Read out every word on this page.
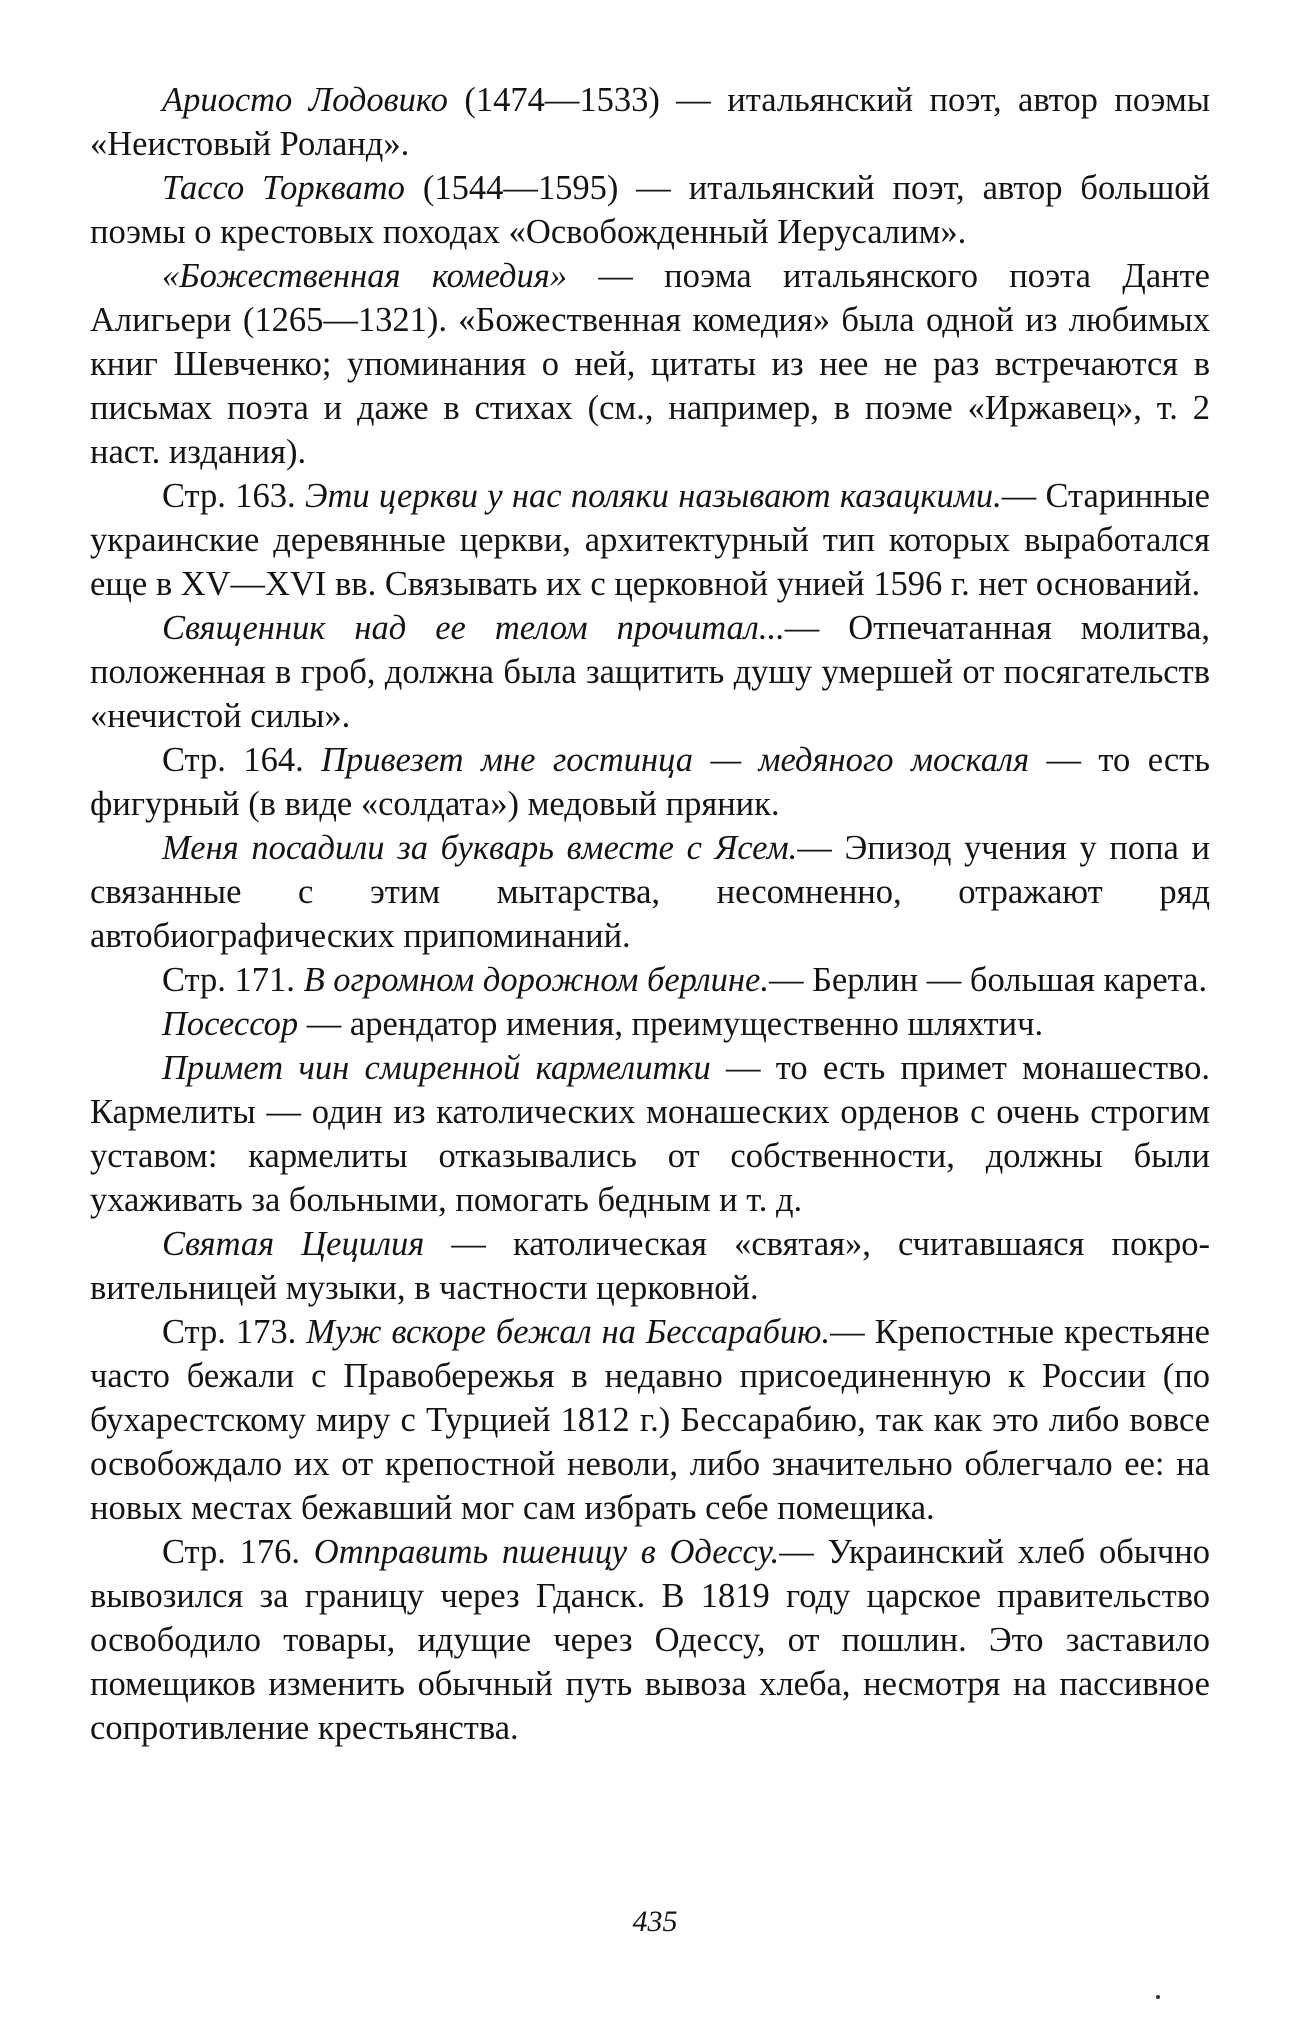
Ариосто Лодовико (1474—1533) — итальянский поэт, автор поэмы «Неистовый Роланд».

Тассо Торквато (1544—1595) — итальянский поэт, автор большой поэмы о крестовых походах «Освобожденный Иерусалим».

«Божественная комедия» — поэма итальянского поэта Данте Алигьери (1265—1321). «Божественная комедия» была одной из любимых книг Шевченко; упоминания о ней, цитаты из нее не раз встречаются в письмах поэта и даже в стихах (см., например, в поэме «Иржавец», т. 2 наст. издания).

Стр. 163. Эти церкви у нас поляки называют казацкими.— Старинные украинские деревянные церкви, архитектурный тип которых выработался еще в XV—XVI вв. Связывать их с церковной унией 1596 г. нет оснований.

Священник над ее телом прочитал...— Отпечатанная молитва, положенная в гроб, должна была защитить душу умершей от посягательств «нечистой силы».

Стр. 164. Привезет мне гостинца — медяного москаля — то есть фигурный (в виде «солдата») медовый пряник.

Меня посадили за букварь вместе с Ясем.— Эпизод учения у попа и связанные с этим мытарства, несомненно, отражают ряд автобиографических припоминаний.

Стр. 171. В огромном дорожном берлине.— Берлин — большая карета.

Посессор — арендатор имения, преимущественно шляхтич.

Примет чин смиренной кармелитки — то есть примет монашество. Кармелиты — один из католических монашеских орденов с очень строгим уставом: кармелиты отказывались от собственности, должны были ухаживать за больными, помогать бедным и т. д.

Святая Цецилия — католическая «святая», считавшаяся покровительницей музыки, в частности церковной.

Стр. 173. Муж вскоре бежал на Бессарабию.— Крепостные крестьяне часто бежали с Правобережья в недавно присоединенную к России (по бухарестскому миру с Турцией 1812 г.) Бессарабию, так как это либо вовсе освобождало их от крепостной неволи, либо значительно облегчало ее: на новых местах бежавший мог сам избрать себе помещика.

Стр. 176. Отправить пшеницу в Одессу.— Украинский хлеб обычно вывозился за границу через Гданск. В 1819 году царское правительство освободило товары, идущие через Одессу, от пошлин. Это заставило помещиков изменить обычный путь вывоза хлеба, несмотря на пассивное сопротивление крестьянства.

435
